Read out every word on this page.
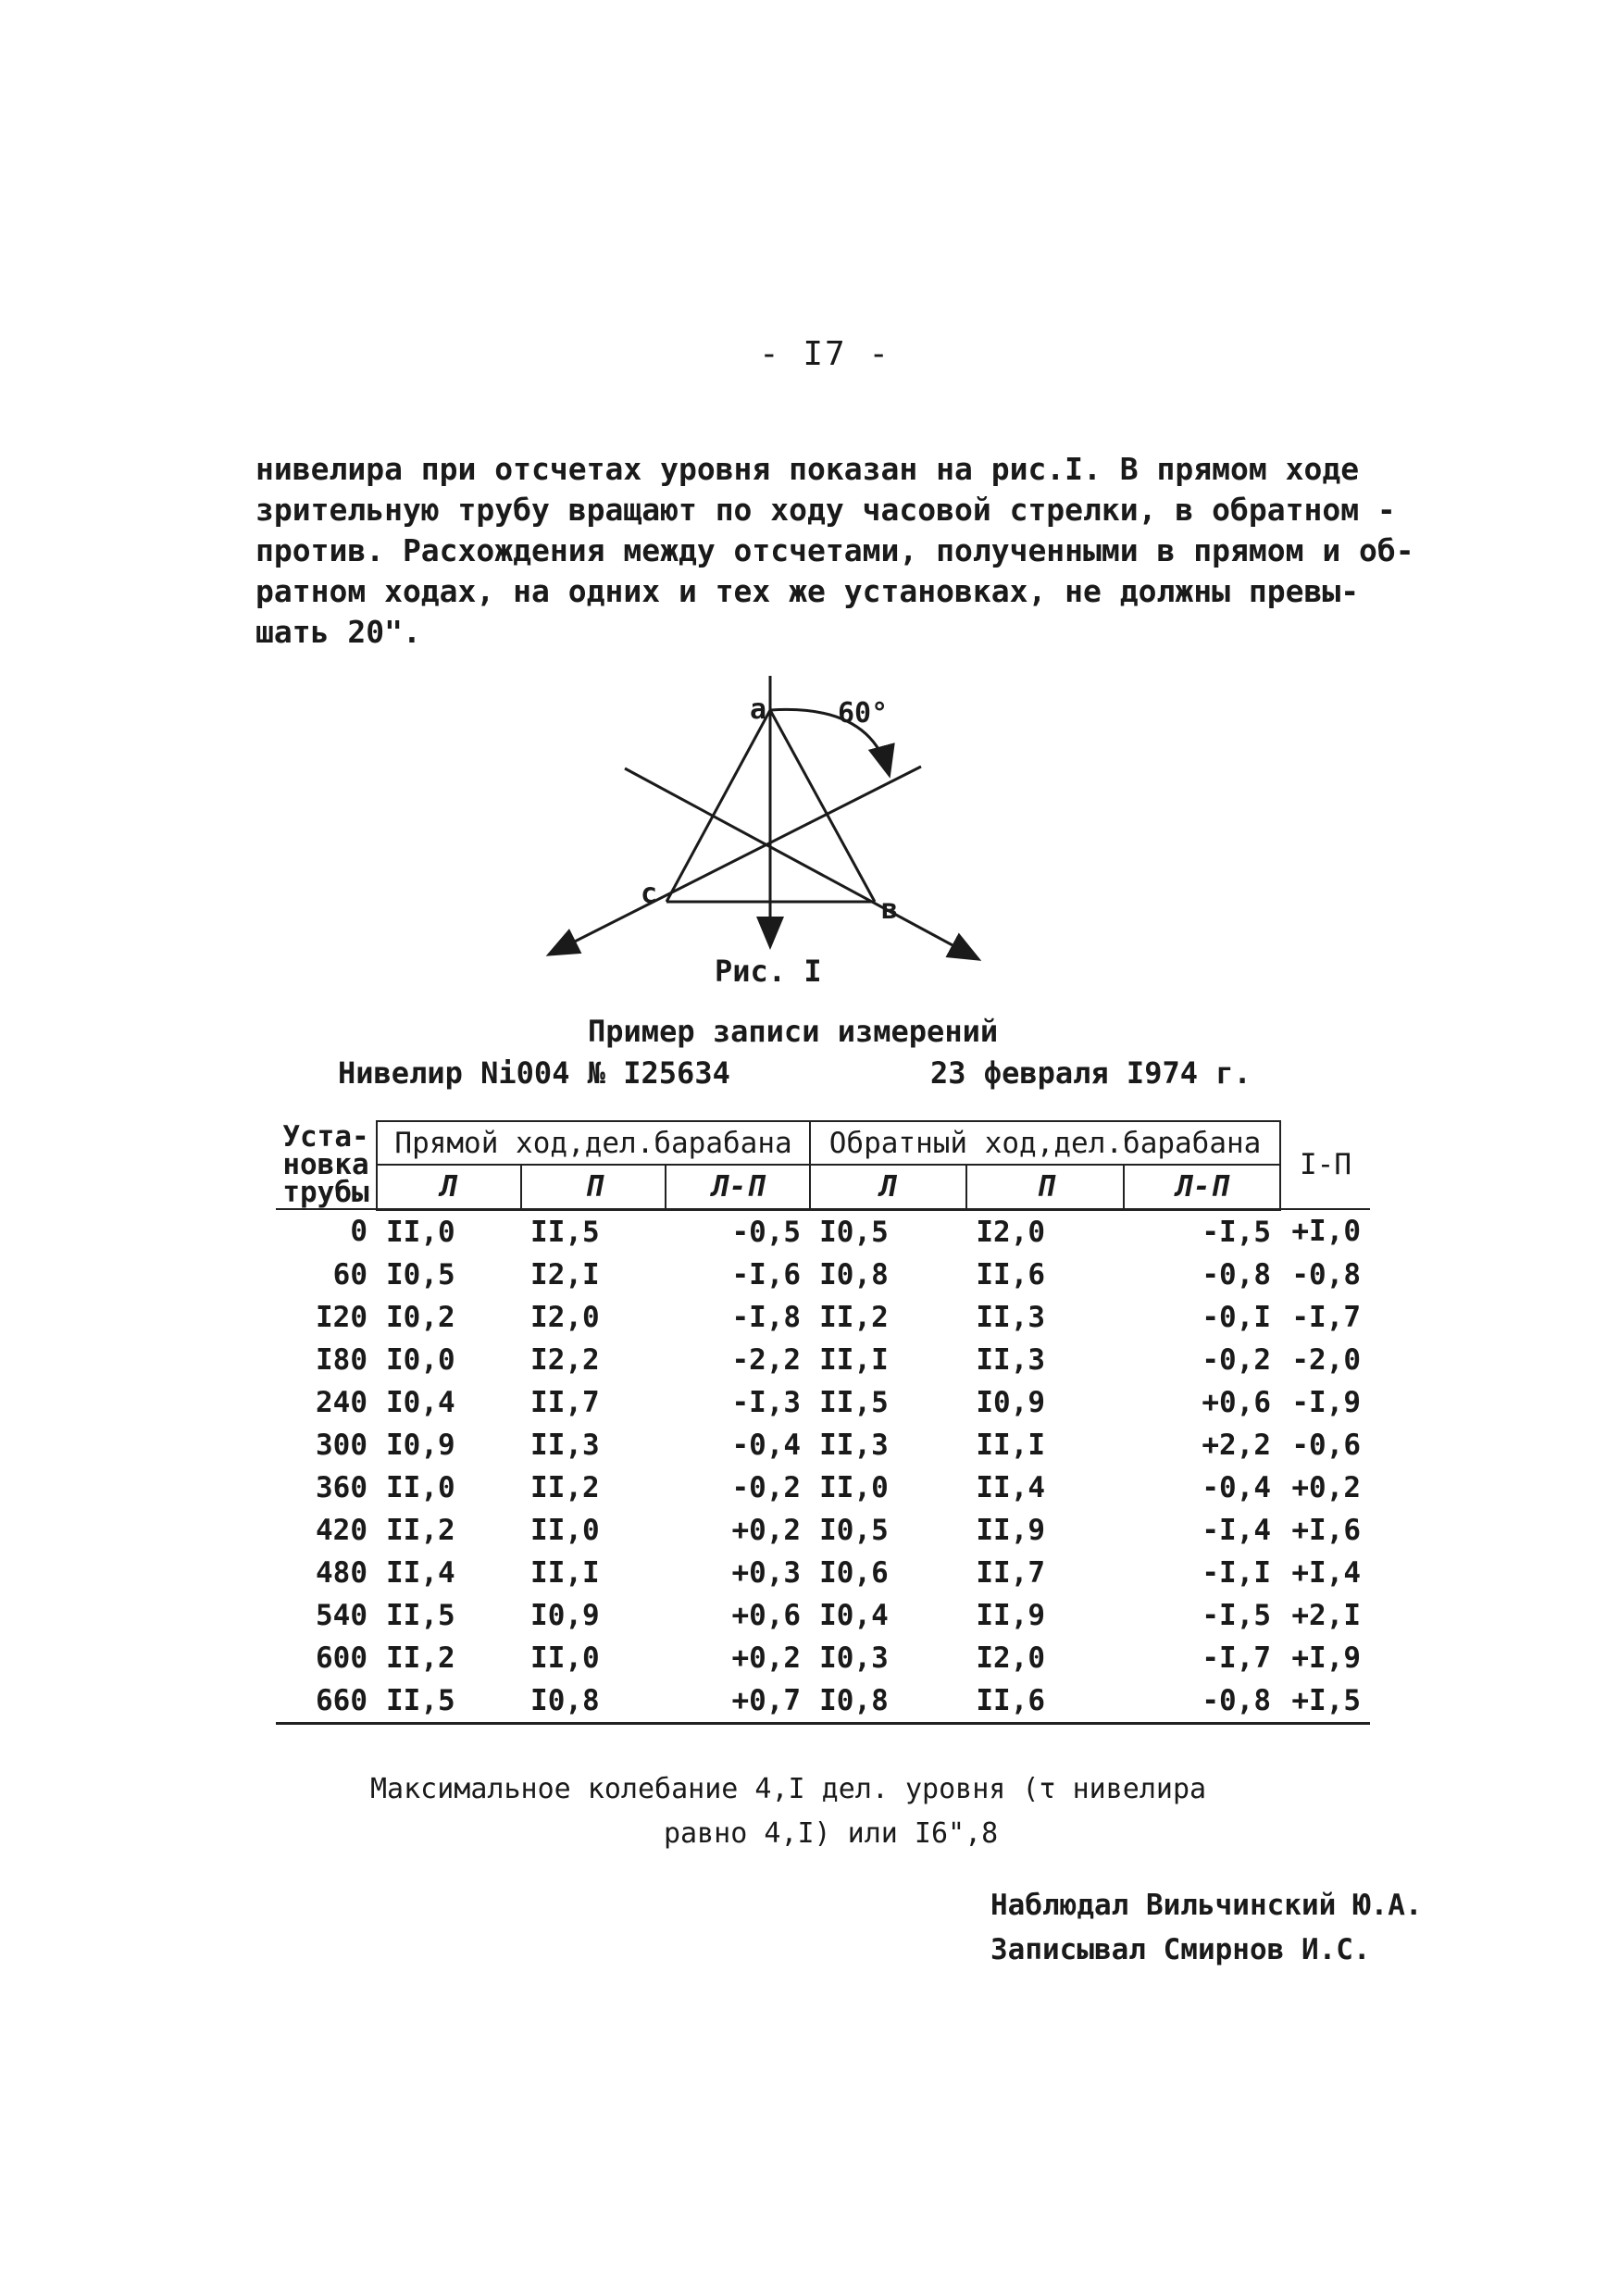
- I7 -
нивелира при отсчетах уровня показан на рис.I. В прямом ходе
зрительную трубу вращают по ходу часовой стрелки, в обратном -
против. Расхождения между отсчетами, полученными в прямом и об-
ратном ходах, на одних и тех же установках, не должны превы-
шать 20".
a
в
c
60°
Рис. I
Пример записи измерений
Нивелир Ni004 № I25634	23 февраля I974 г.
Уста-
новка
трубы	Прямой ход,дел.барабана			Обратный ход,дел.барабана			I-П
	Л	П	Л-П	Л	П	Л-П	
0	II,0	II,5	-0,5	I0,5	I2,0	-I,5	+I,0
60	I0,5	I2,I	-I,6	I0,8	II,6	-0,8	-0,8
I20	I0,2	I2,0	-I,8	II,2	II,3	-0,I	-I,7
I80	I0,0	I2,2	-2,2	II,I	II,3	-0,2	-2,0
240	I0,4	II,7	-I,3	II,5	I0,9	+0,6	-I,9
300	I0,9	II,3	-0,4	II,3	II,I	+2,2	-0,6
360	II,0	II,2	-0,2	II,0	II,4	-0,4	+0,2
420	II,2	II,0	+0,2	I0,5	II,9	-I,4	+I,6
480	II,4	II,I	+0,3	I0,6	II,7	-I,I	+I,4
540	II,5	I0,9	+0,6	I0,4	II,9	-I,5	+2,I
600	II,2	II,0	+0,2	I0,3	I2,0	-I,7	+I,9
660	II,5	I0,8	+0,7	I0,8	II,6	-0,8	+I,5
Максимальное колебание 4,I дел. уровня (τ нивелира
равно 4,I) или I6",8
Наблюдал Вильчинский Ю.А.
Записывал Смирнов И.С.
